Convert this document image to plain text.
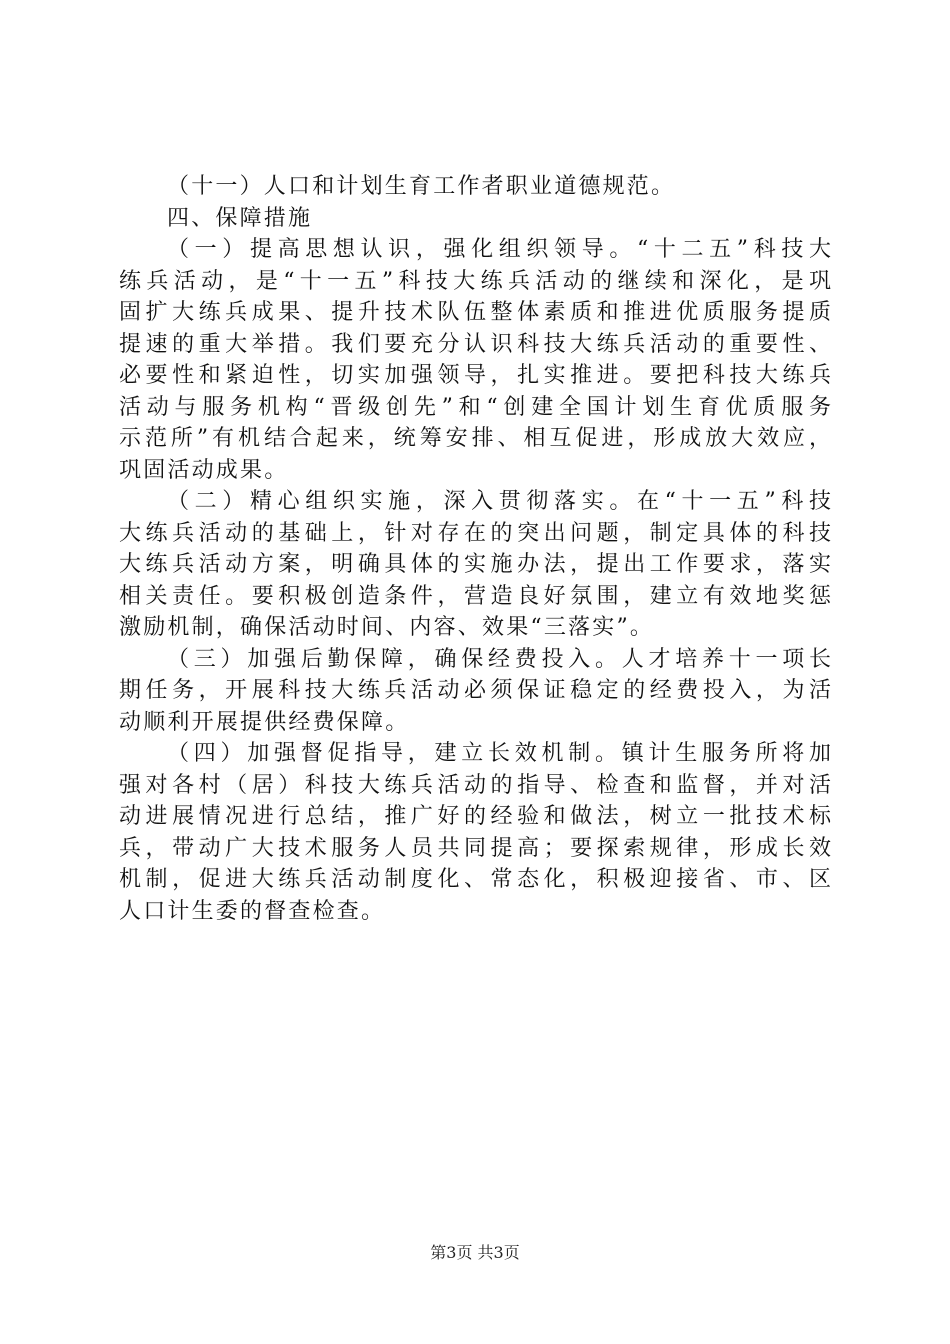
（十一）人口和计划生育工作者职业道德规范。
四、保障措施
（一）提高思想认识，强化组织领导。“十二五”科技大
练兵活动，是“十一五”科技大练兵活动的继续和深化，是巩
固扩大练兵成果、提升技术队伍整体素质和推进优质服务提质
提速的重大举措。我们要充分认识科技大练兵活动的重要性、
必要性和紧迫性，切实加强领导，扎实推进。要把科技大练兵
活动与服务机构“晋级创先”和“创建全国计划生育优质服务
示范所”有机结合起来，统筹安排、相互促进，形成放大效应，
巩固活动成果。
（二）精心组织实施，深入贯彻落实。在“十一五”科技
大练兵活动的基础上，针对存在的突出问题，制定具体的科技
大练兵活动方案，明确具体的实施办法，提出工作要求，落实
相关责任。要积极创造条件，营造良好氛围，建立有效地奖惩
激励机制，确保活动时间、内容、效果“三落实”。
（三）加强后勤保障，确保经费投入。人才培养十一项长
期任务，开展科技大练兵活动必须保证稳定的经费投入，为活
动顺利开展提供经费保障。
（四）加强督促指导，建立长效机制。镇计生服务所将加
强对各村（居）科技大练兵活动的指导、检查和监督，并对活
动进展情况进行总结，推广好的经验和做法，树立一批技术标
兵，带动广大技术服务人员共同提高；要探索规律，形成长效
机制，促进大练兵活动制度化、常态化，积极迎接省、市、区
人口计生委的督查检查。
第3页 共3页
